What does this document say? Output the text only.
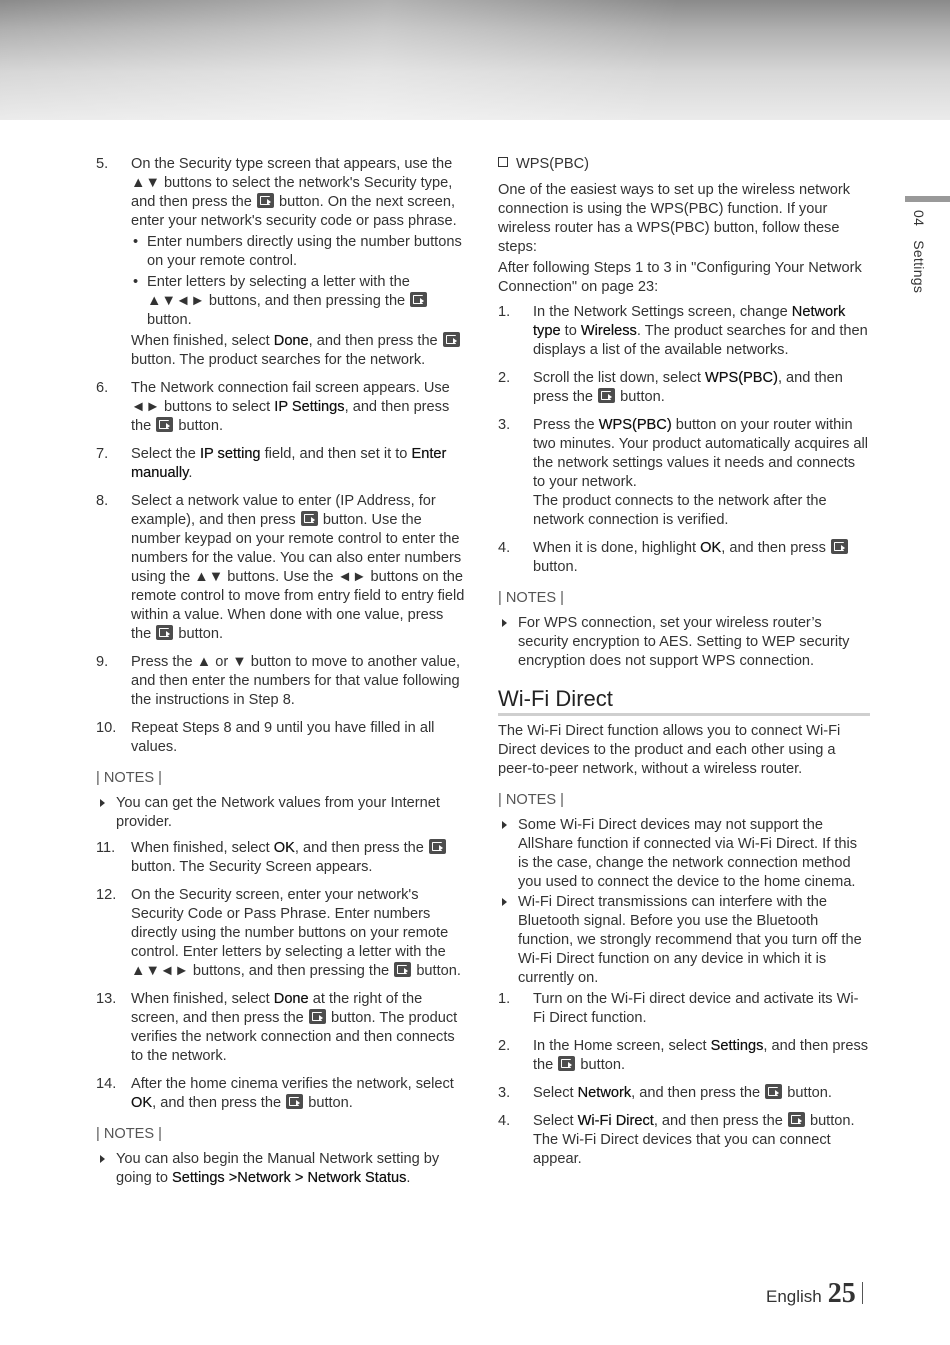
04Settings
5. On the Security type screen that appears, use the ▲▼ buttons to select the network's Security type, and then press the button. On the next screen, enter your network's security code or pass phrase.

• Enter numbers directly using the number buttons on your remote control.
• Enter letters by selecting a letter with the ▲▼◄► buttons, and then pressing the  button.

When finished, select Done, and then press the  button. The product searches for the network.

6. The Network connection fail screen appears. Use ◄► buttons to select IP Settings, and then press the button.

7. Select the IP setting field, and then set it to Enter manually.

8. Select a network value to enter (IP Address, for example), and then press button. Use the number keypad on your remote control to enter the numbers for the value. You can also enter numbers using the ▲▼ buttons. Use the ◄► buttons on the remote control to move from entry field to entry field within a value. When done with one value, press the button.

9. Press the ▲ or ▼ button to move to another value, and then enter the numbers for that value following the instructions in Step 8.

10. Repeat Steps 8 and 9 until you have filled in all values.

| NOTES |
You can get the Network values from your Internet provider.
11. When finished, select OK, and then press the  button. The Security Screen appears.

12. On the Security screen, enter your network's Security Code or Pass Phrase. Enter numbers directly using the number buttons on your remote control. Enter letters by selecting a letter with the ▲▼◄► buttons, and then pressing the button.

13. When finished, select Done at the right of the screen, and then press the button. The product verifies the network connection and then connects to the network.

14. After the home cinema verifies the network, select OK, and then press the button.

| NOTES |
You can also begin the Manual Network setting by going to Settings >Network > Network Status.
WPS(PBC)

One of the easiest ways to set up the wireless network connection is using the WPS(PBC) function. If your wireless router has a WPS(PBC) button, follow these steps:

After following Steps 1 to 3 in "Configuring Your Network Connection" on page 23:

1. In the Network Settings screen, change Network type to Wireless. The product searches for and then displays a list of the available networks.

2. Scroll the list down, select WPS(PBC), and then press the button.

3. Press the WPS(PBC) button on your router within two minutes. Your product automatically acquires all the network settings values it needs and connects to your network.

The product connects to the network after the network connection is verified.

4. When it is done, highlight OK, and then press  button.

| NOTES |
For WPS connection, set your wireless router’s security encryption to AES. Setting to WEP security encryption does not support WPS connection.
Wi-Fi Direct

The Wi-Fi Direct function allows you to connect Wi-Fi Direct devices to the product and each other using a peer-to-peer network, without a wireless router.

| NOTES |
Some Wi-Fi Direct devices may not support the AllShare function if connected via Wi-Fi Direct. If this is the case, change the network connection method you used to connect the device to the home cinema.
Wi-Fi Direct transmissions can interfere with the Bluetooth signal. Before you use the Bluetooth function, we strongly recommend that you turn off the Wi-Fi Direct function on any device in which it is currently on.
1. Turn on the Wi-Fi direct device and activate its Wi-Fi Direct function.

2. In the Home screen, select Settings, and then press the button.

3. Select Network, and then press the button.

4. Select Wi-Fi Direct, and then press the button.

The Wi-Fi Direct devices that you can connect appear.

English 25
